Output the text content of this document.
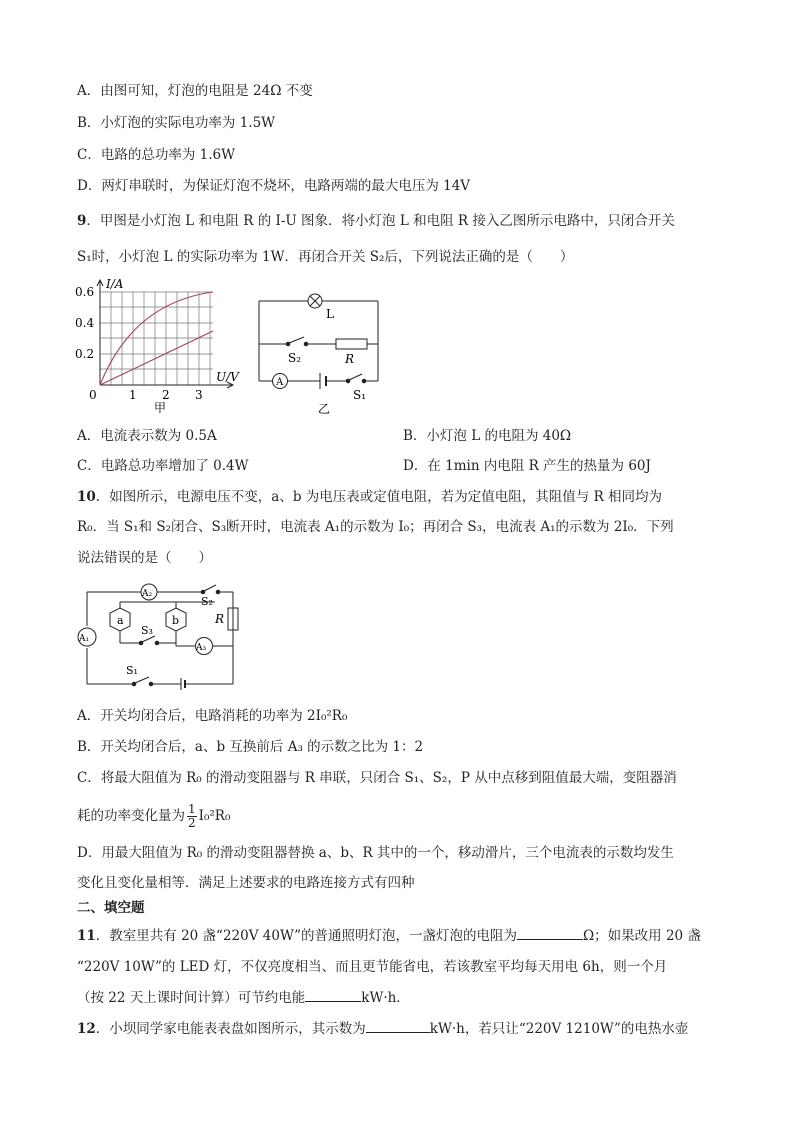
A．由图可知，灯泡的电阻是 24Ω 不变
B．小灯泡的实际电功率为 1.5W
C．电路的总功率为 1.6W
D．两灯串联时，为保证灯泡不烧坏，电路两端的最大电压为 14V
9．甲图是小灯泡 L 和电阻 R 的 I-U 图象．将小灯泡 L 和电阻 R 接入乙图所示电路中，只闭合开关
S₁时，小灯泡 L 的实际功率为 1W．再闭合开关 S₂后，下列说法正确的是（　　）
I/A
U/V
0	1 2 3
0.2
0.4
0.6
甲
L
S₂	R
A
S₁
乙
A．电流表示数为 0.5A	B．小灯泡 L 的电阻为 40Ω
C．电路总功率增加了 0.4W	D．在 1min 内电阻 R 产生的热量为 60J
10．如图所示，电源电压不变，a、b 为电压表或定值电阻，若为定值电阻，其阻值与 R 相同均为
R₀．当 S₁和 S₂闭合、S₃断开时，电流表 A₁的示数为 I₀；再闭合 S₃，电流表 A₁的示数为 2I₀．下列
说法错误的是（　　）
A₁
A₂
A₃
a	b
S₁
S₂
S₃
R
A．开关均闭合后，电路消耗的功率为 2I₀²R₀
B．开关均闭合后，a、b 互换前后 A₃ 的示数之比为 1：2
C．将最大阻值为 R₀ 的滑动变阻器与 R 串联，只闭合 S₁、S₂，P 从中点移到阻值最大端，变阻器消
耗的功率变化量为 $\frac{1}{2} I_0^2R_0$
D．用最大阻值为 R₀ 的滑动变阻器替换 a、b、R 其中的一个，移动滑片，三个电流表的示数均发生
变化且变化量相等．满足上述要求的电路连接方式有四种
二、填空题
11．教室里共有 20 盏“220V 40W”的普通照明灯泡，一盏灯泡的电阻为	Ω；如果改用 20 盏
“220V 10W”的 LED 灯，不仅亮度相当、而且更节能省电，若该教室平均每天用电 6h，则一个月
（按 22 天上课时间计算）可节约电能	kW·h．
12．小坝同学家电能表表盘如图所示，其示数为	kW·h，若只让“220V 1210W”的电热水壶
